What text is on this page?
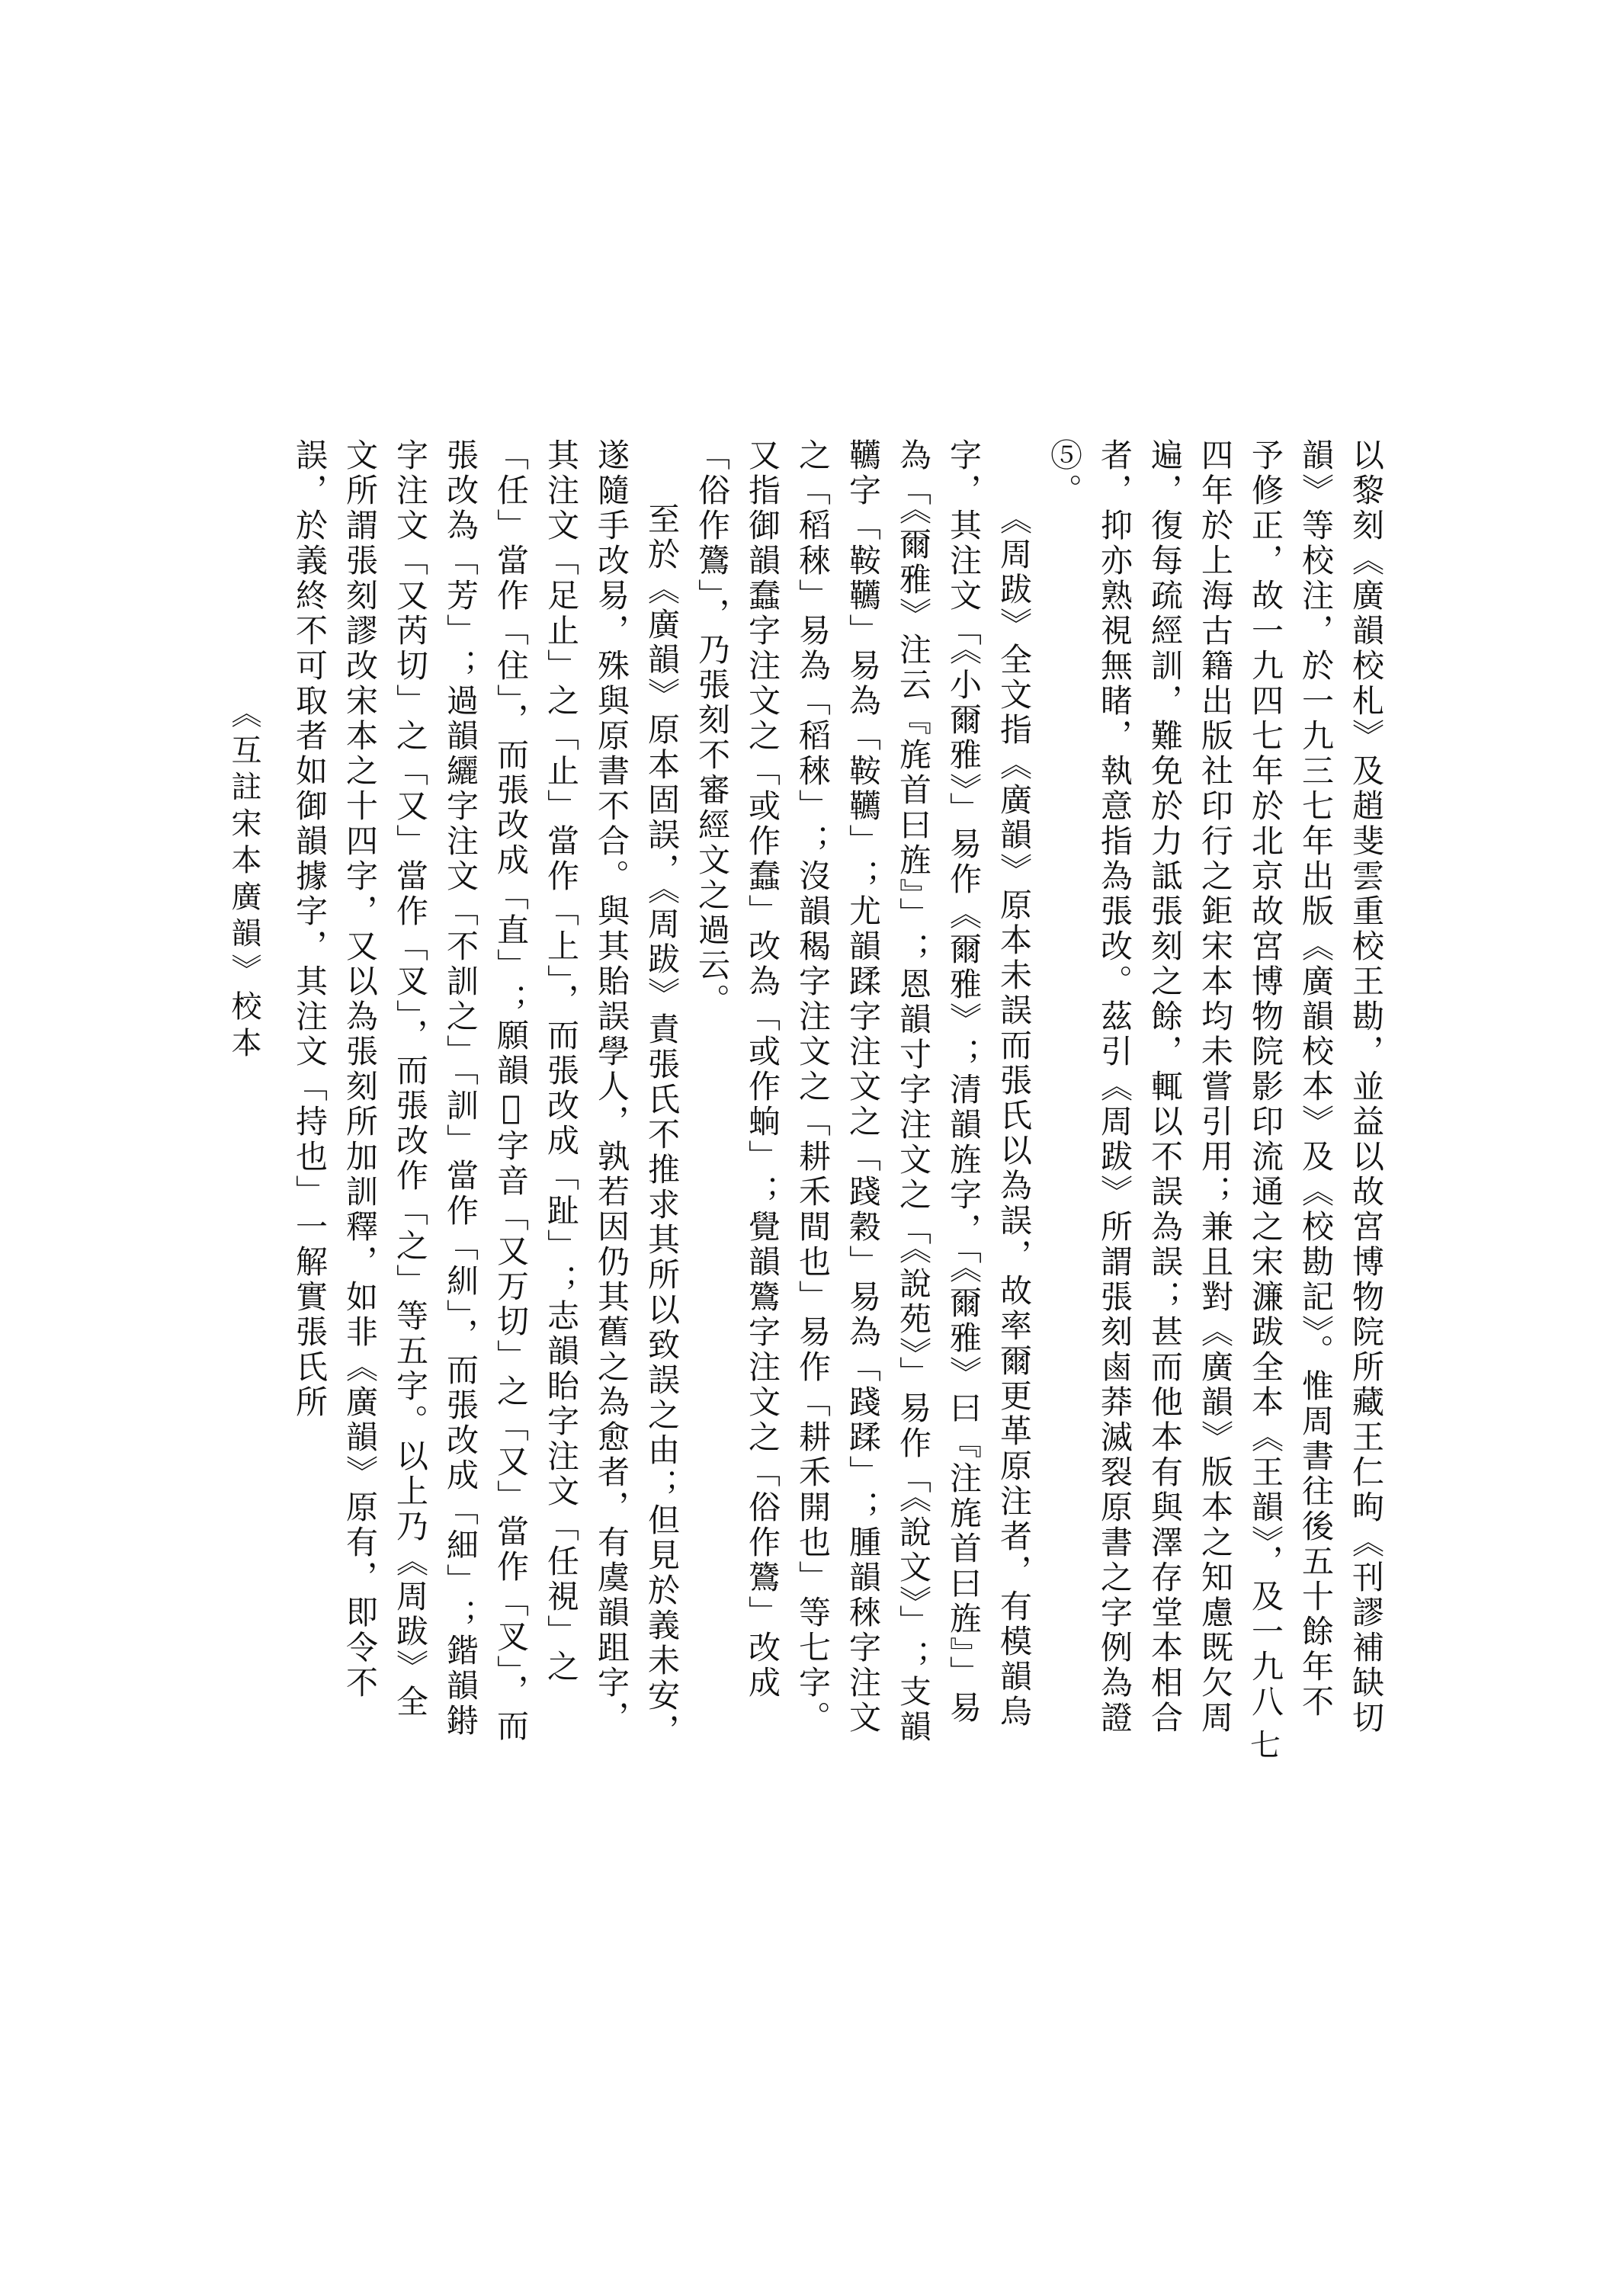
以黎刻《廣韻校札》及趙斐雲重校王勘，並益以故宮博物院所藏王仁昫《刊謬補缺切韻》等校注，於一九三七年出版《廣韻校本》及《校勘記》。惟周書往後五十餘年不予修正，故一九四七年於北京故宮博物院影印流通之宋濂跋全本《王韻》，及一九八四年於上海古籍出版社印行之鉅宋本均未嘗引用；兼且對《廣韻》版本之知慮既欠周遍，復每疏經訓，難免於力詆張刻之餘，輒以不誤為誤；甚而他本有與澤存堂本相合者，抑亦熟視無睹，執意指為張改。茲引《周跋》所謂張刻鹵莽滅裂原書之字例為證⑤。

《周跋》全文指《廣韻》原本未誤而張氏以為誤，故率爾更革原注者，有模韻烏字，其注文「《小爾雅》」易作《爾雅》；清韻旌字，「《爾雅》曰『注旄首曰旌』」易為「《爾雅》注云『旄首曰旌』」；恩韻寸字注文之「《說苑》」易作「《說文》」；支韻韉字「鞍韉」易為「鞍韉」；尤韻蹂字注文之「踐穀」易為「踐蹂」；腫韻䅘字注文之「稻䅘」易為「稻䅘」；沒韻䅥字注文之「耕禾間也」易作「耕禾開也」等七字。又指御韻蠢字注文之「或作蠢」改為「或作䖮」；覺韻鷟字注文之「俗作鷟」改成「俗作鷟」，乃張刻不審經文之過云。

至於《廣韻》原本固誤，《周跋》責張氏不推求其所以致誤之由；但見於義未安，遂隨手改易，殊與原書不合。與其貽誤學人，孰若因仍其舊之為愈者，有虞韻跙字，其注文「足止」之「止」當作「上」，而張改成「趾」；志韻眙字注文「任視」之「任」當作「住」，而張改成「直」；願韻𢾾字音「又万切」之「又」當作「叉」，而張改為「芳」；過韻纚字注文「不訓之」「訓」當作「紃」，而張改成「細」；鍇韻𨨲字注文「又芮切」之「又」當作「叉」，而張改作「之」等五字。以上乃《周跋》全文所謂張刻謬改宋本之十四字，又以為張刻所加訓釋，如非《廣韻》原有，即令不誤，於義終不可取者如御韻據字，其注文「持也」一解實張氏所

《互註宋本廣韻》校本
七
